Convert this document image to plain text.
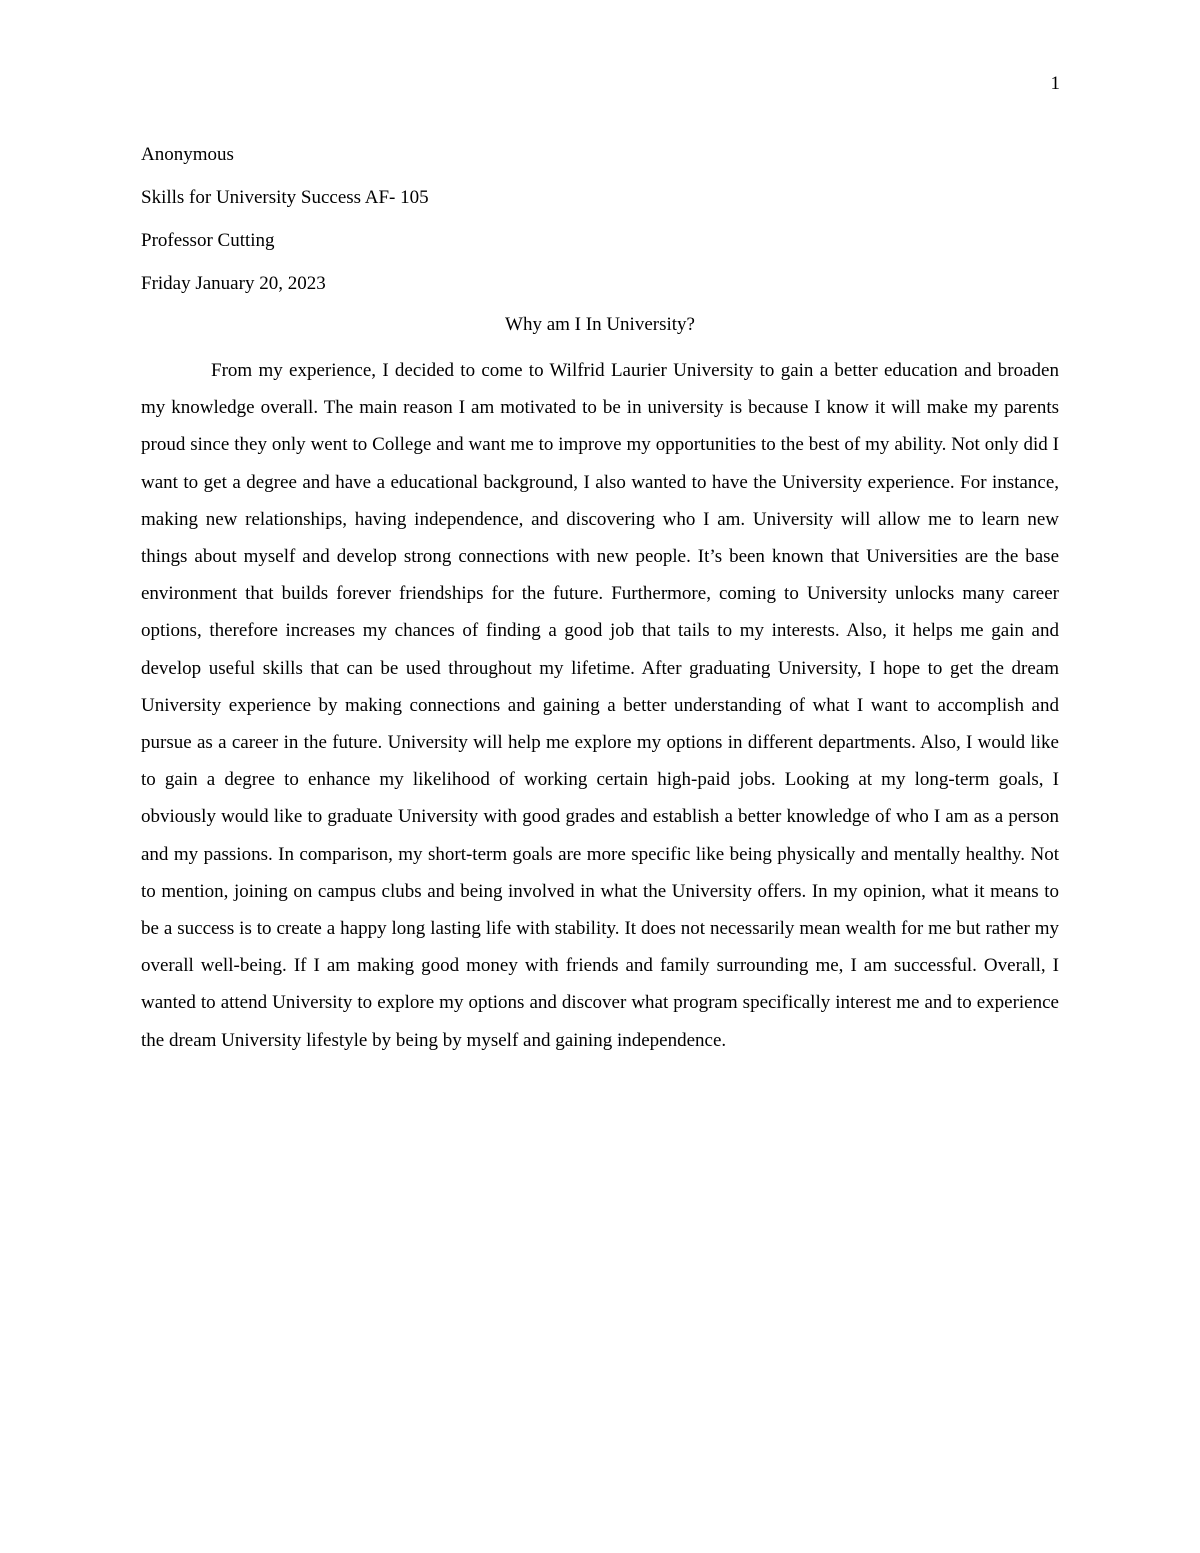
1
Anonymous
Skills for University Success AF- 105
Professor Cutting
Friday January 20, 2023
Why am I In University?

From my experience, I decided to come to Wilfrid Laurier University to gain a better education and broaden my knowledge overall. The main reason I am motivated to be in university is because I know it will make my parents proud since they only went to College and want me to improve my opportunities to the best of my ability. Not only did I want to get a degree and have a educational background, I also wanted to have the University experience. For instance, making new relationships, having independence, and discovering who I am. University will allow me to learn new things about myself and develop strong connections with new people. It’s been known that Universities are the base environment that builds forever friendships for the future. Furthermore, coming to University unlocks many career options, therefore increases my chances of finding a good job that tails to my interests. Also, it helps me gain and develop useful skills that can be used throughout my lifetime. After graduating University, I hope to get the dream University experience by making connections and gaining a better understanding of what I want to accomplish and pursue as a career in the future. University will help me explore my options in different departments. Also, I would like to gain a degree to enhance my likelihood of working certain high-paid jobs. Looking at my long-term goals, I obviously would like to graduate University with good grades and establish a better knowledge of who I am as a person and my passions. In comparison, my short-term goals are more specific like being physically and mentally healthy. Not to mention, joining on campus clubs and being involved in what the University offers. In my opinion, what it means to be a success is to create a happy long lasting life with stability. It does not necessarily mean wealth for me but rather my overall well-being. If I am making good money with friends and family surrounding me, I am successful. Overall, I wanted to attend University to explore my options and discover what program specifically interest me and to experience the dream University lifestyle by being by myself and gaining independence.
